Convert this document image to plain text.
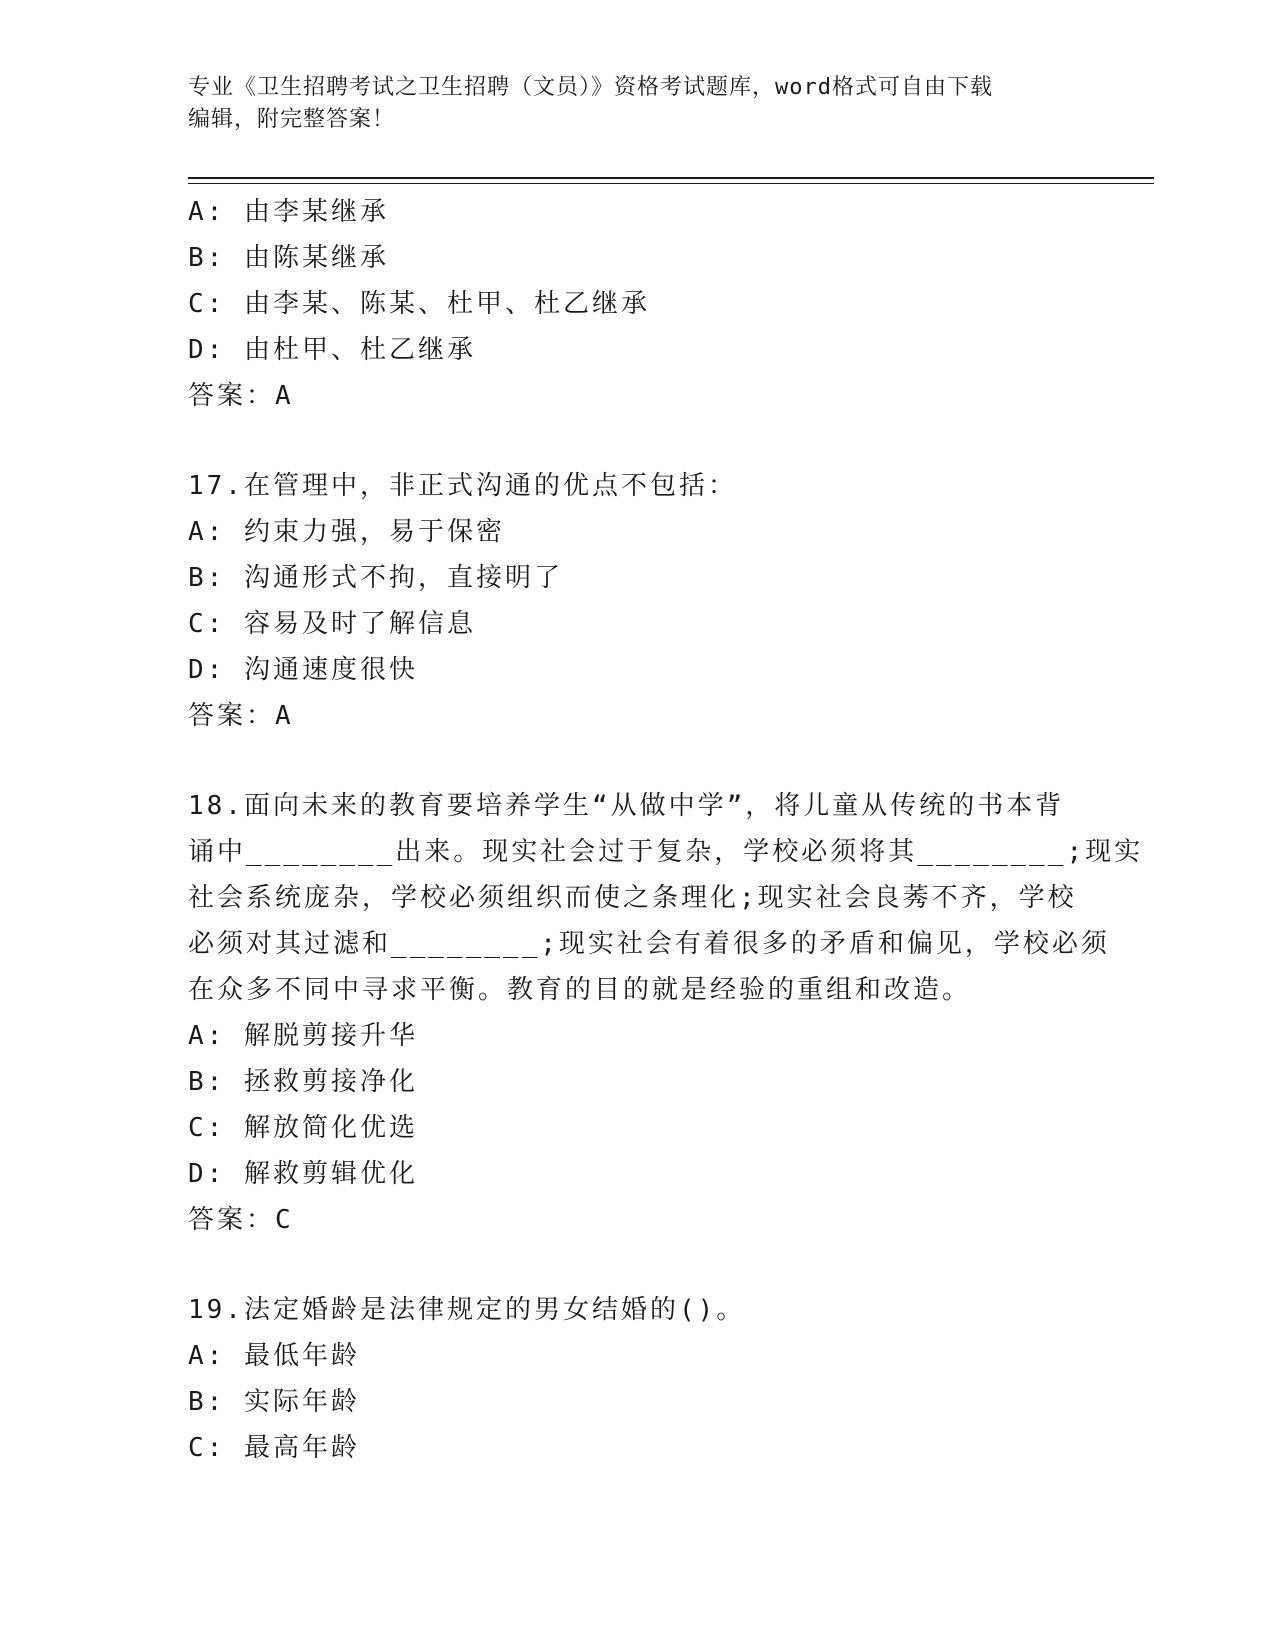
专业《卫生招聘考试之卫生招聘（文员）》资格考试题库，word格式可自由下载
编辑，附完整答案！
A: 由李某继承
B: 由陈某继承
C: 由李某、陈某、杜甲、杜乙继承
D: 由杜甲、杜乙继承
答案：A
17.在管理中，非正式沟通的优点不包括：
A: 约束力强，易于保密
B: 沟通形式不拘，直接明了
C: 容易及时了解信息
D: 沟通速度很快
答案：A
18.面向未来的教育要培养学生“从做中学”，将儿童从传统的书本背
诵中________出来。现实社会过于复杂，学校必须将其________;现实
社会系统庞杂，学校必须组织而使之条理化;现实社会良莠不齐，学校
必须对其过滤和________;现实社会有着很多的矛盾和偏见，学校必须
在众多不同中寻求平衡。教育的目的就是经验的重组和改造。
A: 解脱剪接升华
B: 拯救剪接净化
C: 解放简化优选
D: 解救剪辑优化
答案：C
19.法定婚龄是法律规定的男女结婚的()。
A: 最低年龄
B: 实际年龄
C: 最高年龄
